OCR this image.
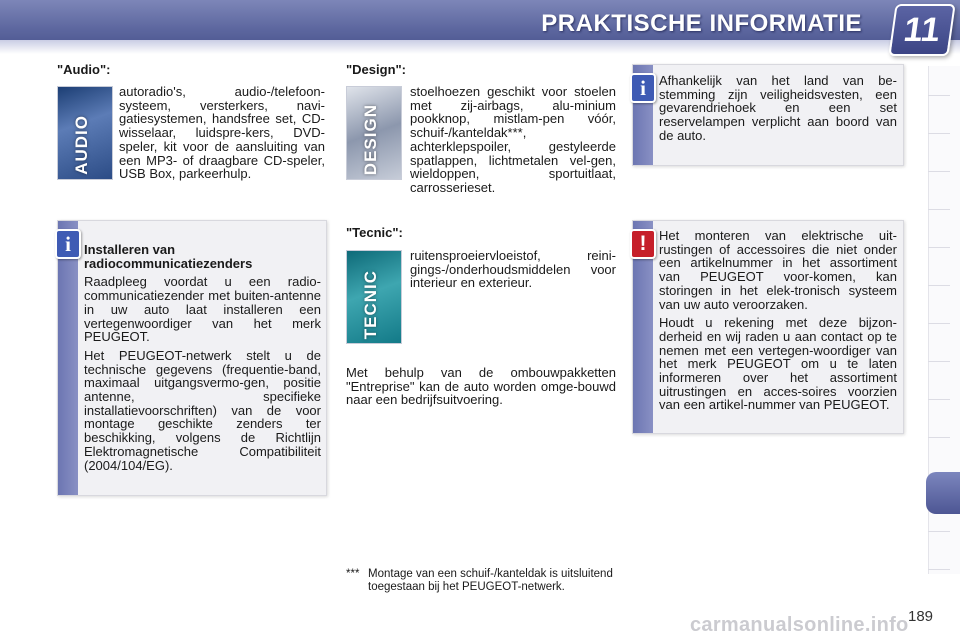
PRAKTISCHE INFORMATIE	11
"Audio":
AUDIO
autoradio's, audio-/telefoon-systeem, versterkers, navi-gatiesystemen, handsfree set, CD-wisselaar, luidspre-kers, DVD-speler, kit voor de aansluiting van een MP3- of draagbare CD-speler, USB Box, parkeerhulp.
"Design":
DESIGN
stoelhoezen geschikt voor stoelen met zij-airbags, alu-minium pookknop, mistlam-pen vóór, schuif-/kanteldak***, achterklepspoiler, gestyleerde spatlappen, lichtmetalen vel-gen, wieldoppen, sportuitlaat, carrosserieset.
i	Afhankelijk van het land van be-stemming zijn veiligheidsvesten, een gevarendriehoek en een set reservelampen verplicht aan boord van de auto.
i	Installeren van radiocommunicatiezenders
Raadpleeg voordat u een radio-communicatiezender met buiten-antenne in uw auto laat installeren een vertegenwoordiger van het merk PEUGEOT.
Het PEUGEOT-netwerk stelt u de technische gegevens (frequentie-band, maximaal uitgangsvermo-gen, positie antenne, specifieke installatievoorschriften) van de voor montage geschikte zenders ter beschikking, volgens de Richtlijn Elektromagnetische Compatibiliteit (2004/104/EG).
"Tecnic":
TECNIC
ruitensproeiervloeistof, reini-gings-/onderhoudsmiddelen voor interieur en exterieur.
Met behulp van de ombouwpakketten "Entreprise" kan de auto worden omge-bouwd naar een bedrijfsuitvoering.
! Het monteren van elektrische uit-rustingen of accessoires die niet onder een artikelnummer in het assortiment van PEUGEOT voor-komen, kan storingen in het elek-tronisch systeem van uw auto veroorzaken.
Houdt u rekening met deze bijzon-derheid en wij raden u aan contact op te nemen met een vertegen-woordiger van het merk PEUGEOT om u te laten informeren over het assortiment uitrustingen en acces-soires voorzien van een artikel-nummer van PEUGEOT.
*** Montage van een schuif-/kanteldak is uitsluitend toegestaan bij het PEUGEOT-netwerk.
189
carmanualsonline.info
